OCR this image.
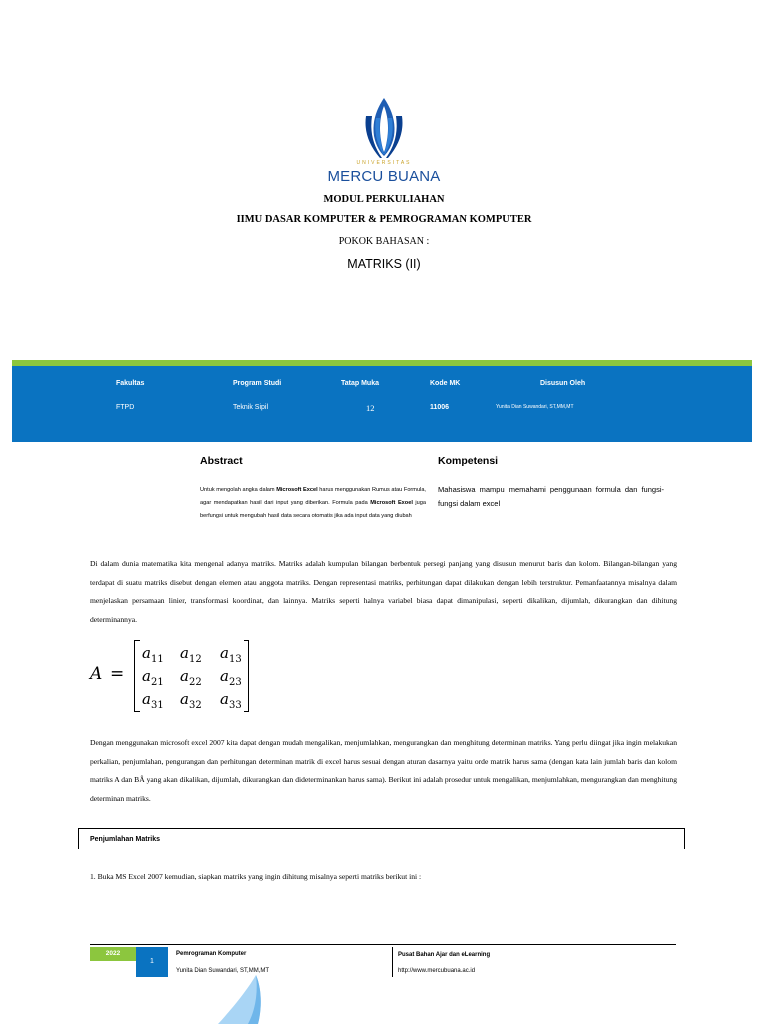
UNIVERSITAS
MERCU BUANA
MODUL PERKULIAHAN
IIMU DASAR KOMPUTER & PEMROGRAMAN KOMPUTER
POKOK BAHASAN :
MATRIKS (II)
Fakultas	Program Studi	Tatap Muka	Kode MK	Disusun Oleh
FTPD	Teknik Sipil	12	11006	Yunita Dian Suwandari, ST,MM,MT
Abstract
Untuk mengolah angka dalam Microsoft Excel harus menggunakan Rumus atau Formula, agar mendapatkan hasil dari input yang diberikan. Formula pada Microsoft Exoel juga berfungsi untuk mengubah hasil data secara otomatis jika ada input data yang diubah
Kompetensi
Mahasiswa mampu memahami penggunaan formula dan fungsi-fungsi dalam excel
Di dalam dunia matematika kita mengenal adanya matriks. Matriks adalah kumpulan bilangan berbentuk persegi panjang yang disusun menurut baris dan kolom. Bilangan-bilangan yang terdapat di suatu matriks disebut dengan elemen atau anggota matriks. Dengan representasi matriks, perhitungan dapat dilakukan dengan lebih terstruktur. Pemanfaatannya misalnya dalam menjelaskan persamaan linier, transformasi koordinat, dan lainnya. Matriks seperti halnya variabel biasa dapat dimanipulasi, seperti dikalikan, dijumlah, dikurangkan dan dihitung determinannya.
A =
$a_{11}$ $a_{12}$ $a_{13}$
$a_{21}$ $a_{22}$ $a_{23}$
$a_{31}$ $a_{32}$ $a_{33}$
Dengan menggunakan microsoft excel 2007 kita dapat dengan mudah mengalikan, menjumlahkan, mengurangkan dan menghitung determinan matriks. Yang perlu diingat jika ingin melakukan perkalian, penjumlahan, pengurangan dan perhitungan determinan matrik di excel harus sesuai dengan aturan dasarnya yaitu orde matrik harus sama (dengan kata lain jumlah baris dan kolom matriks A dan BÂ yang akan dikalikan, dijumlah, dikurangkan dan dideterminankan harus sama). Berikut ini adalah prosedur untuk mengalikan, menjumlahkan, mengurangkan dan menghitung determinan matriks.
Penjumlahan Matriks
1. Buka MS Excel 2007 kemudian, siapkan matriks yang ingin dihitung misalnya seperti matriks berikut ini :
2022
1
Pemrograman Komputer
Yunita Dian Suwandari, ST,MM,MT
Pusat Bahan Ajar dan eLearning
http://www.mercubuana.ac.id
